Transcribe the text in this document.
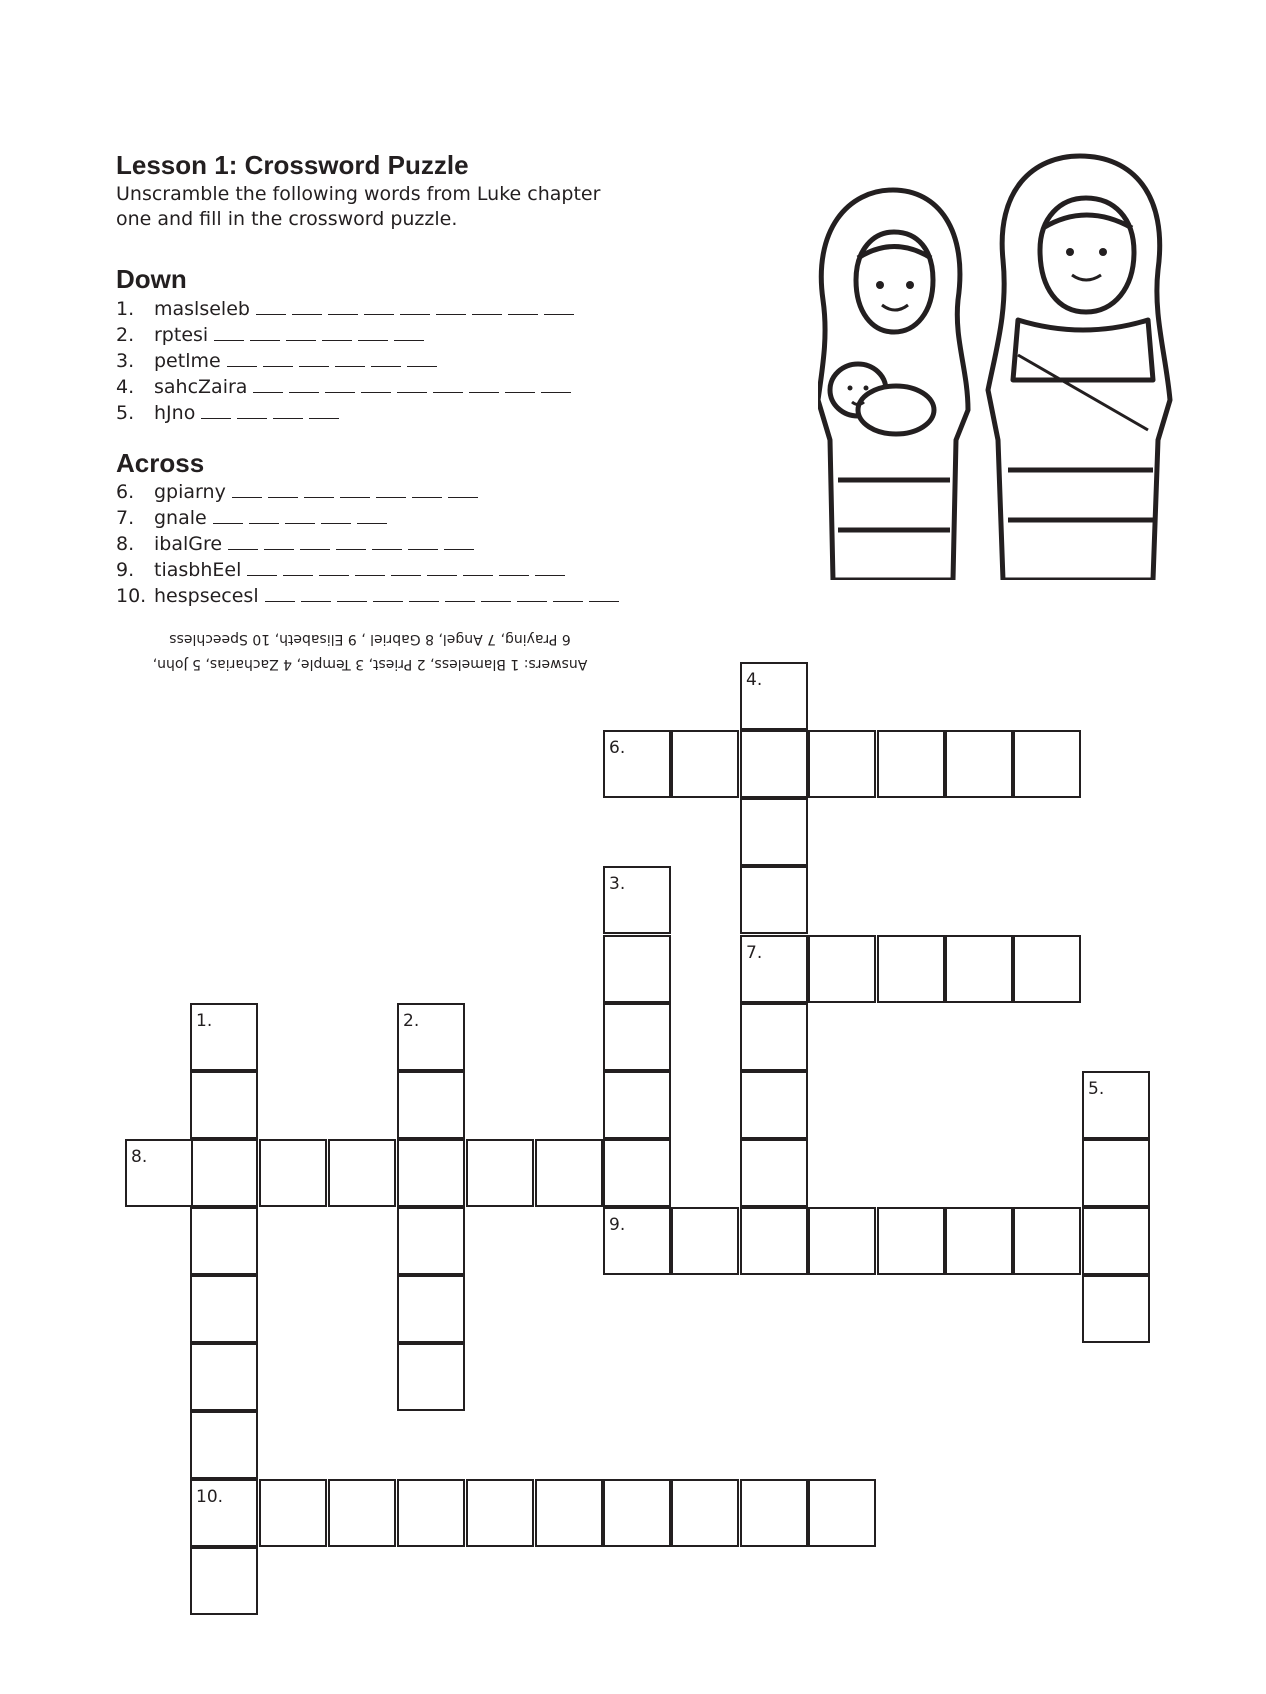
Lesson 1: Crossword Puzzle
Unscramble the following words from Luke chapter
one and fill in the crossword puzzle.
Down
1. maslseleb
2. rptesi
3. petlme
4. sahcZaira
5. hJno
Across
6. gpiarny
7. gnale
8. ibalGre
9. tiasbhEel
10. hespsecesl
Answers: 1 Blameless, 2 Priest, 3 Temple, 4 Zacharias, 5 John,
6 Praying, 7 Angel, 8 Gabriel , 9 Elisabeth, 10 Speechless
4.
7.
6.
3.
9.
1.
10.
2.
5.
8.
